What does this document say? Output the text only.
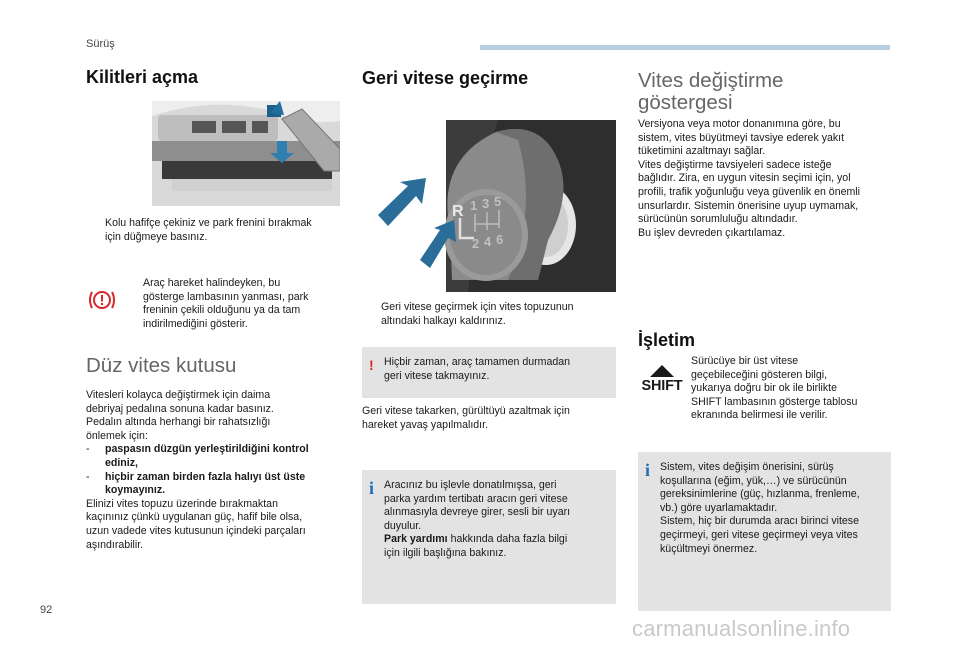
Sürüş
Kilitleri açma
Kolu hafifçe çekiniz ve park frenini bırakmak
için düğmeye basınız.
Araç hareket halindeyken, bu
gösterge lambasının yanması, park
freninin çekili olduğunu ya da tam
indirilmediğini gösterir.
Düz vites kutusu
Vitesleri kolayca değiştirmek için daima
debriyaj pedalına sonuna kadar basınız.
Pedalın altında herhangi bir rahatsızlığı
önlemek için:
- paspasın düzgün yerleştirildiğini kontrol
ediniz,
- hiçbir zaman birden fazla halıyı üst üste
koymayınız.
Elinizi vites topuzu üzerinde bırakmaktan
kaçınınız çünkü uygulanan güç, hafif bile olsa,
uzun vadede vites kutusunun içindeki parçaları
aşındırabilir.
Geri vitese geçirme
R 1 3 5
2 4 6
Geri vitese geçirmek için vites topuzunun
altındaki halkayı kaldırınız.
! Hiçbir zaman, araç tamamen durmadan
geri vitese takmayınız.
Geri vitese takarken, gürültüyü azaltmak için
hareket yavaş yapılmalıdır.
i Aracınız bu işlevle donatılmışsa, geri
parka yardım tertibatı aracın geri vitese
alınmasıyla devreye girer, sesli bir uyarı
duyulur.
Park yardımı hakkında daha fazla bilgi
için ilgili başlığına bakınız.
Vites değiştirme
göstergesi
Versiyona veya motor donanımına göre, bu
sistem, vites büyütmeyi tavsiye ederek yakıt
tüketimini azaltmayı sağlar.
Vites değiştirme tavsiyeleri sadece isteğe
bağlıdır. Zira, en uygun vitesin seçimi için, yol
profili, trafik yoğunluğu veya güvenlik en önemli
unsurlardır. Sistemin önerisine uyup uymamak,
sürücünün sorumluluğu altındadır.
Bu işlev devreden çıkartılamaz.
İşletim
SHIFT
Sürücüye bir üst vitese
geçebileceğini gösteren bilgi,
yukarıya doğru bir ok ile birlikte
SHIFT lambasının gösterge tablosu
ekranında belirmesi ile verilir.
i Sistem, vites değişim önerisini, sürüş
koşullarına (eğim, yük,…) ve sürücünün
gereksinimlerine (güç, hızlanma, frenleme,
vb.) göre uyarlamaktadır.
Sistem, hiç bir durumda aracı birinci vitese
geçirmeyi, geri vitese geçirmeyi veya vites
küçültmeyi önermez.
92
carmanualsonline.info
